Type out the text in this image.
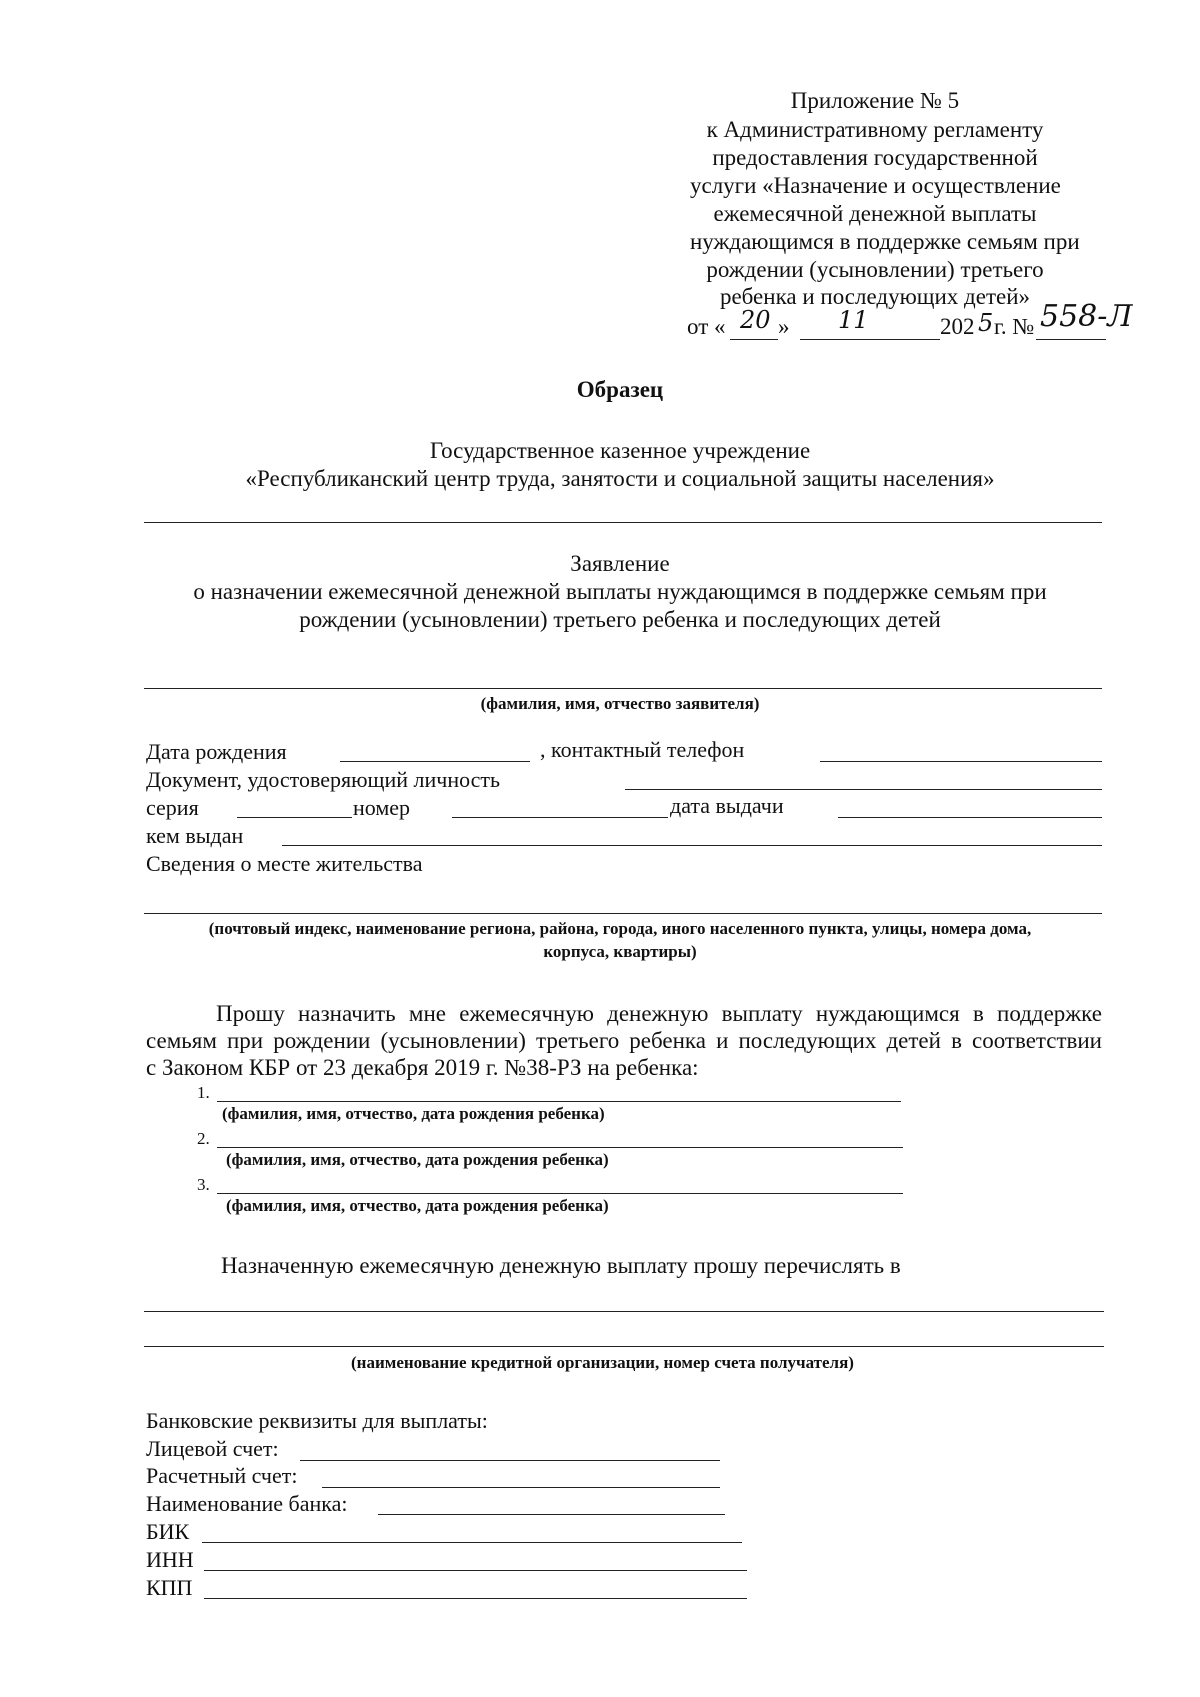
Приложение № 5
к Административному регламенту
предоставления государственной
услуги «Назначение и осуществление
ежемесячной денежной выплаты
нуждающимся в поддержке семьям при
рождении (усыновлении) третьего
ребенка и последующих детей»
от « 20 » 11	202 5 г. № 558-Л
Образец
Государственное казенное учреждение
«Республиканский центр труда, занятости и социальной защиты населения»
Заявление
о назначении ежемесячной денежной выплаты нуждающимся в поддержке семьям при
рождении (усыновлении) третьего ребенка и последующих детей
(фамилия, имя, отчество заявителя)
Дата рождения	, контактный телефон
Документ, удостоверяющий личность
серия	номер	дата выдачи
кем выдан
Сведения о месте жительства
(почтовый индекс, наименование региона, района, города, иного населенного пункта, улицы, номера дома,
корпуса, квартиры)
Прошу назначить мне ежемесячную денежную выплату нуждающимся в поддержке
семьям при рождении (усыновлении) третьего ребенка и последующих детей в соответствии
с Законом КБР от 23 декабря 2019 г. №38-РЗ на ребенка:
1.
(фамилия, имя, отчество, дата рождения ребенка)
2.
(фамилия, имя, отчество, дата рождения ребенка)
3.
(фамилия, имя, отчество, дата рождения ребенка)
Назначенную ежемесячную денежную выплату прошу перечислять в
(наименование кредитной организации, номер счета получателя)
Банковские реквизиты для выплаты:
Лицевой счет:
Расчетный счет:
Наименование банка:
БИК
ИНН
КПП
